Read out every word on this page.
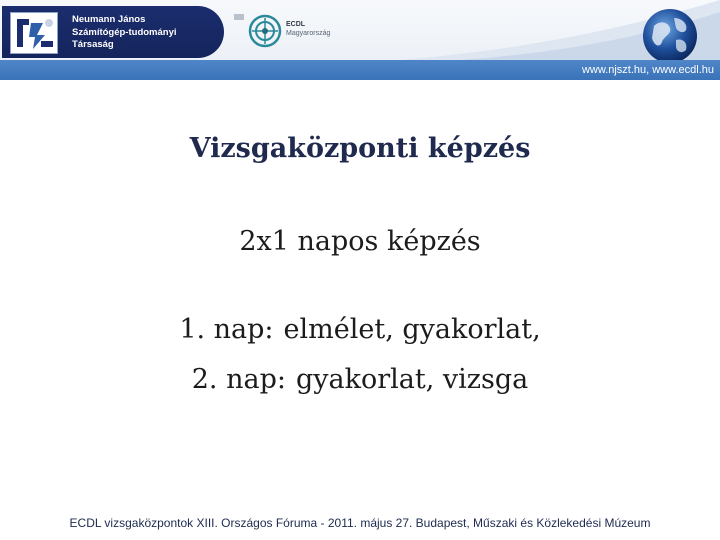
Neumann János
Számítógép-tudományi
Társaság
ECDL
Magyarország
www.njszt.hu, www.ecdl.hu
Vizsgaközponti képzés
2x1 napos képzés
1. nap: elmélet, gyakorlat,
2. nap: gyakorlat, vizsga
ECDL vizsgaközpontok XIII. Országos Fóruma - 2011. május 27. Budapest, Műszaki és Közlekedési Múzeum
